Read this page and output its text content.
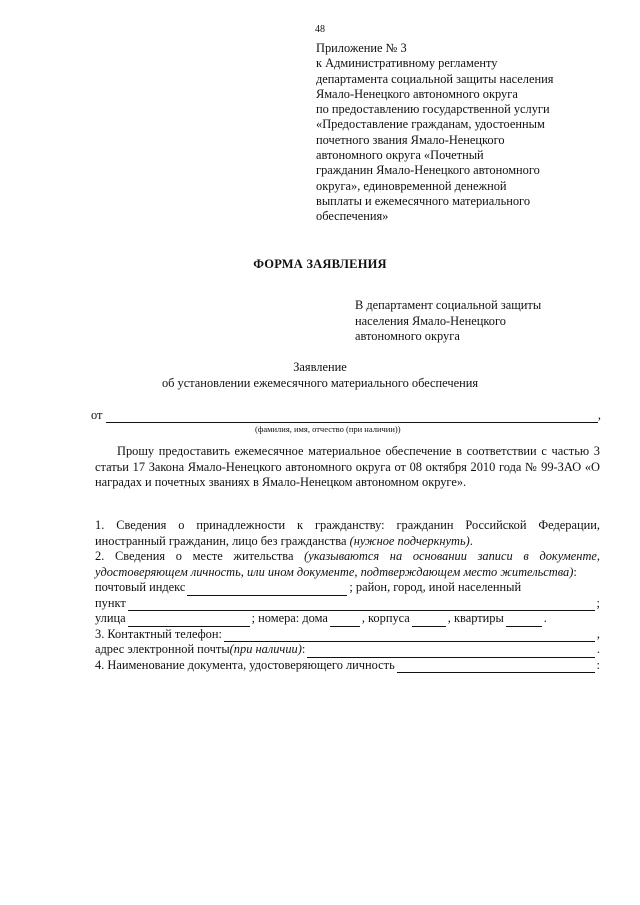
48
Приложение № 3
к Административному регламенту
департамента социальной защиты населения
Ямало-Ненецкого автономного округа
по предоставлению государственной услуги
«Предоставление гражданам, удостоенным
почетного звания Ямало-Ненецкого
автономного округа «Почетный
гражданин Ямало-Ненецкого автономного
округа», единовременной денежной
выплаты и ежемесячного материального
обеспечения»
ФОРМА ЗАЯВЛЕНИЯ
В департамент социальной защиты
населения Ямало-Ненецкого
автономного округа
Заявление
об установлении ежемесячного материального обеспечения
от	,
(фамилия, имя, отчество (при наличии))
Прошу предоставить ежемесячное материальное обеспечение в соответствии с частью 3 статьи 17 Закона Ямало-Ненецкого автономного округа от 08 октября 2010 года № 99-ЗАО «О наградах и почетных званиях в Ямало-Ненецком автономном округе».

1. Сведения о принадлежности к гражданству: гражданин Российской Федерации, иностранный гражданин, лицо без гражданства (нужное подчеркнуть).

2. Сведения о месте жительства (указываются на основании записи в документе, удостоверяющем личность, или ином документе, подтверждающем место жительства):

почтовый индекс	; район, город, иной населенный
пункт	;
улица	; номера: дома	, корпуса	, квартиры	.
3. Контактный телефон:	,
адрес электронной почты (при наличии) :	.
4. Наименование документа, удостоверяющего личность	:
